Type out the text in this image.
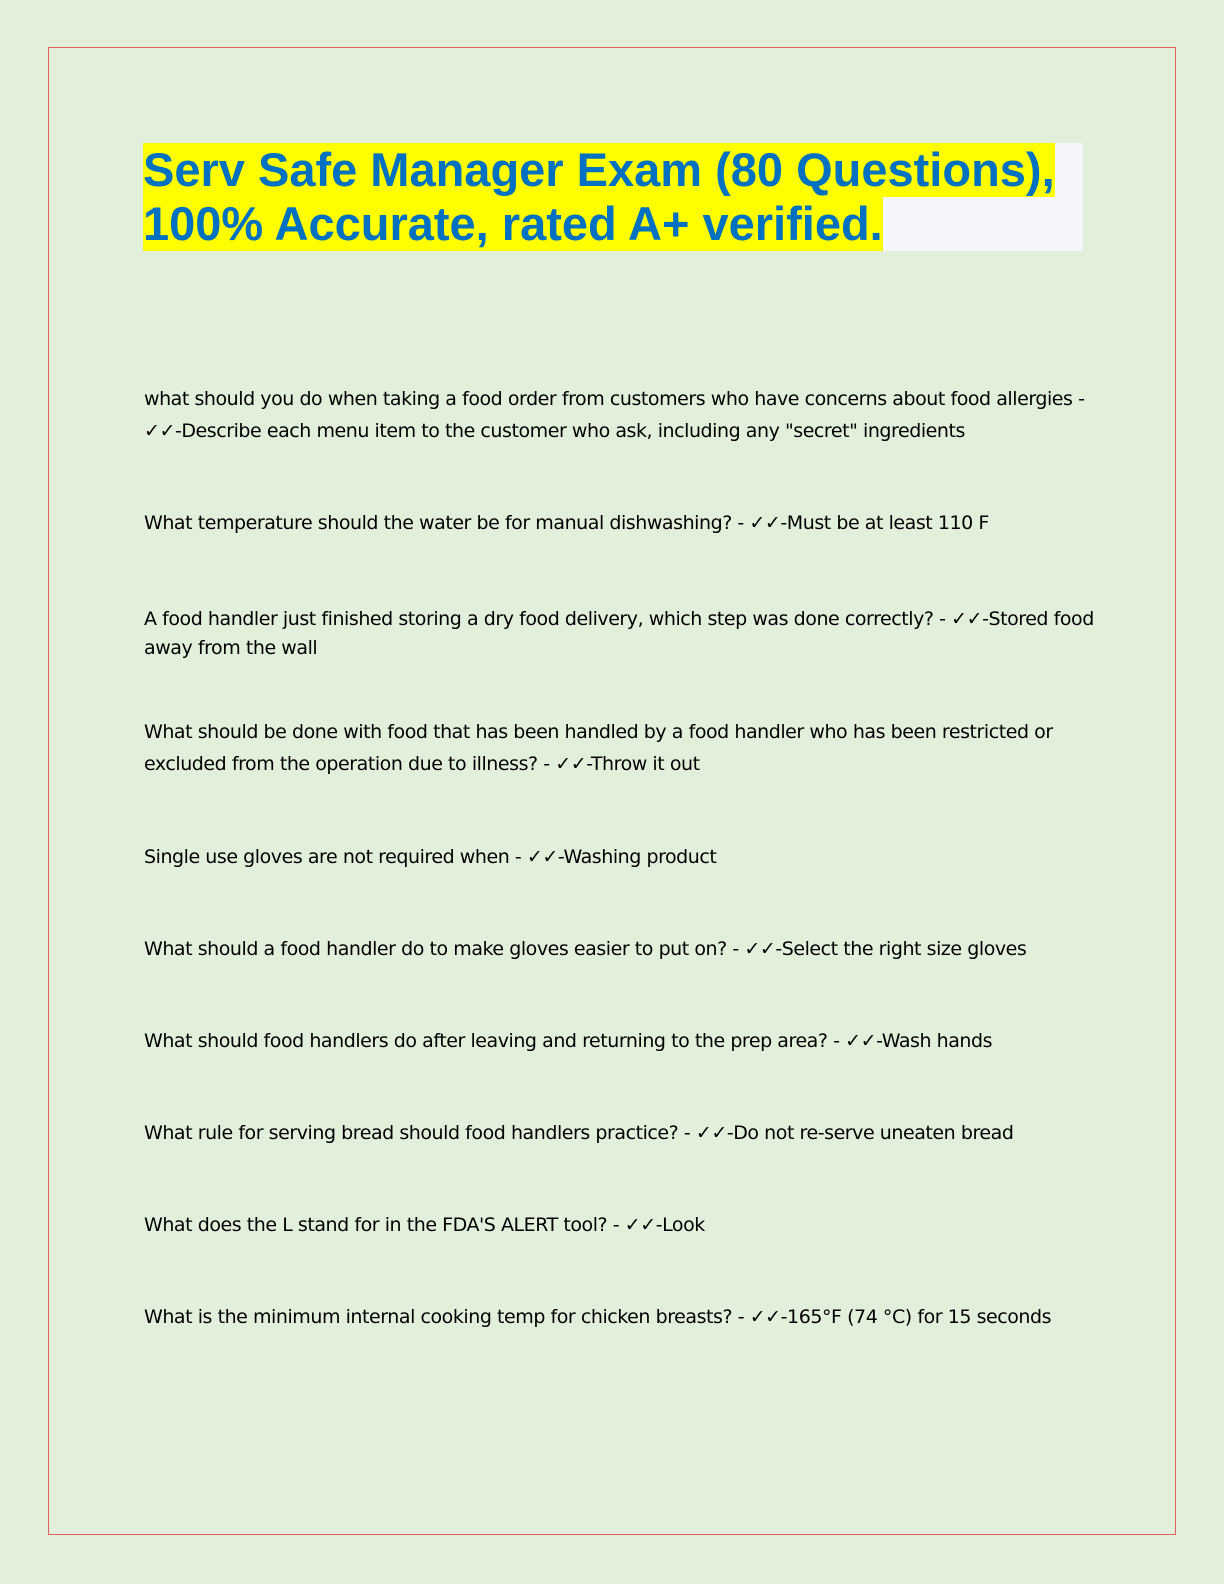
Serv Safe Manager Exam (80 Questions),
100% Accurate, rated A+ verified.

what should you do when taking a food order from customers who have concerns about food allergies - ✓✓-Describe each menu item to the customer who ask, including any "secret" ingredients

What temperature should the water be for manual dishwashing? - ✓✓-Must be at least 110 F

A food handler just finished storing a dry food delivery, which step was done correctly? - ✓✓-Stored food away from the wall

What should be done with food that has been handled by a food handler who has been restricted or excluded from the operation due to illness? - ✓✓-Throw it out

Single use gloves are not required when - ✓✓-Washing product

What should a food handler do to make gloves easier to put on? - ✓✓-Select the right size gloves

What should food handlers do after leaving and returning to the prep area? - ✓✓-Wash hands

What rule for serving bread should food handlers practice? - ✓✓-Do not re-serve uneaten bread

What does the L stand for in the FDA'S ALERT tool? - ✓✓-Look

What is the minimum internal cooking temp for chicken breasts? - ✓✓-165°F (74 °C) for 15 seconds
